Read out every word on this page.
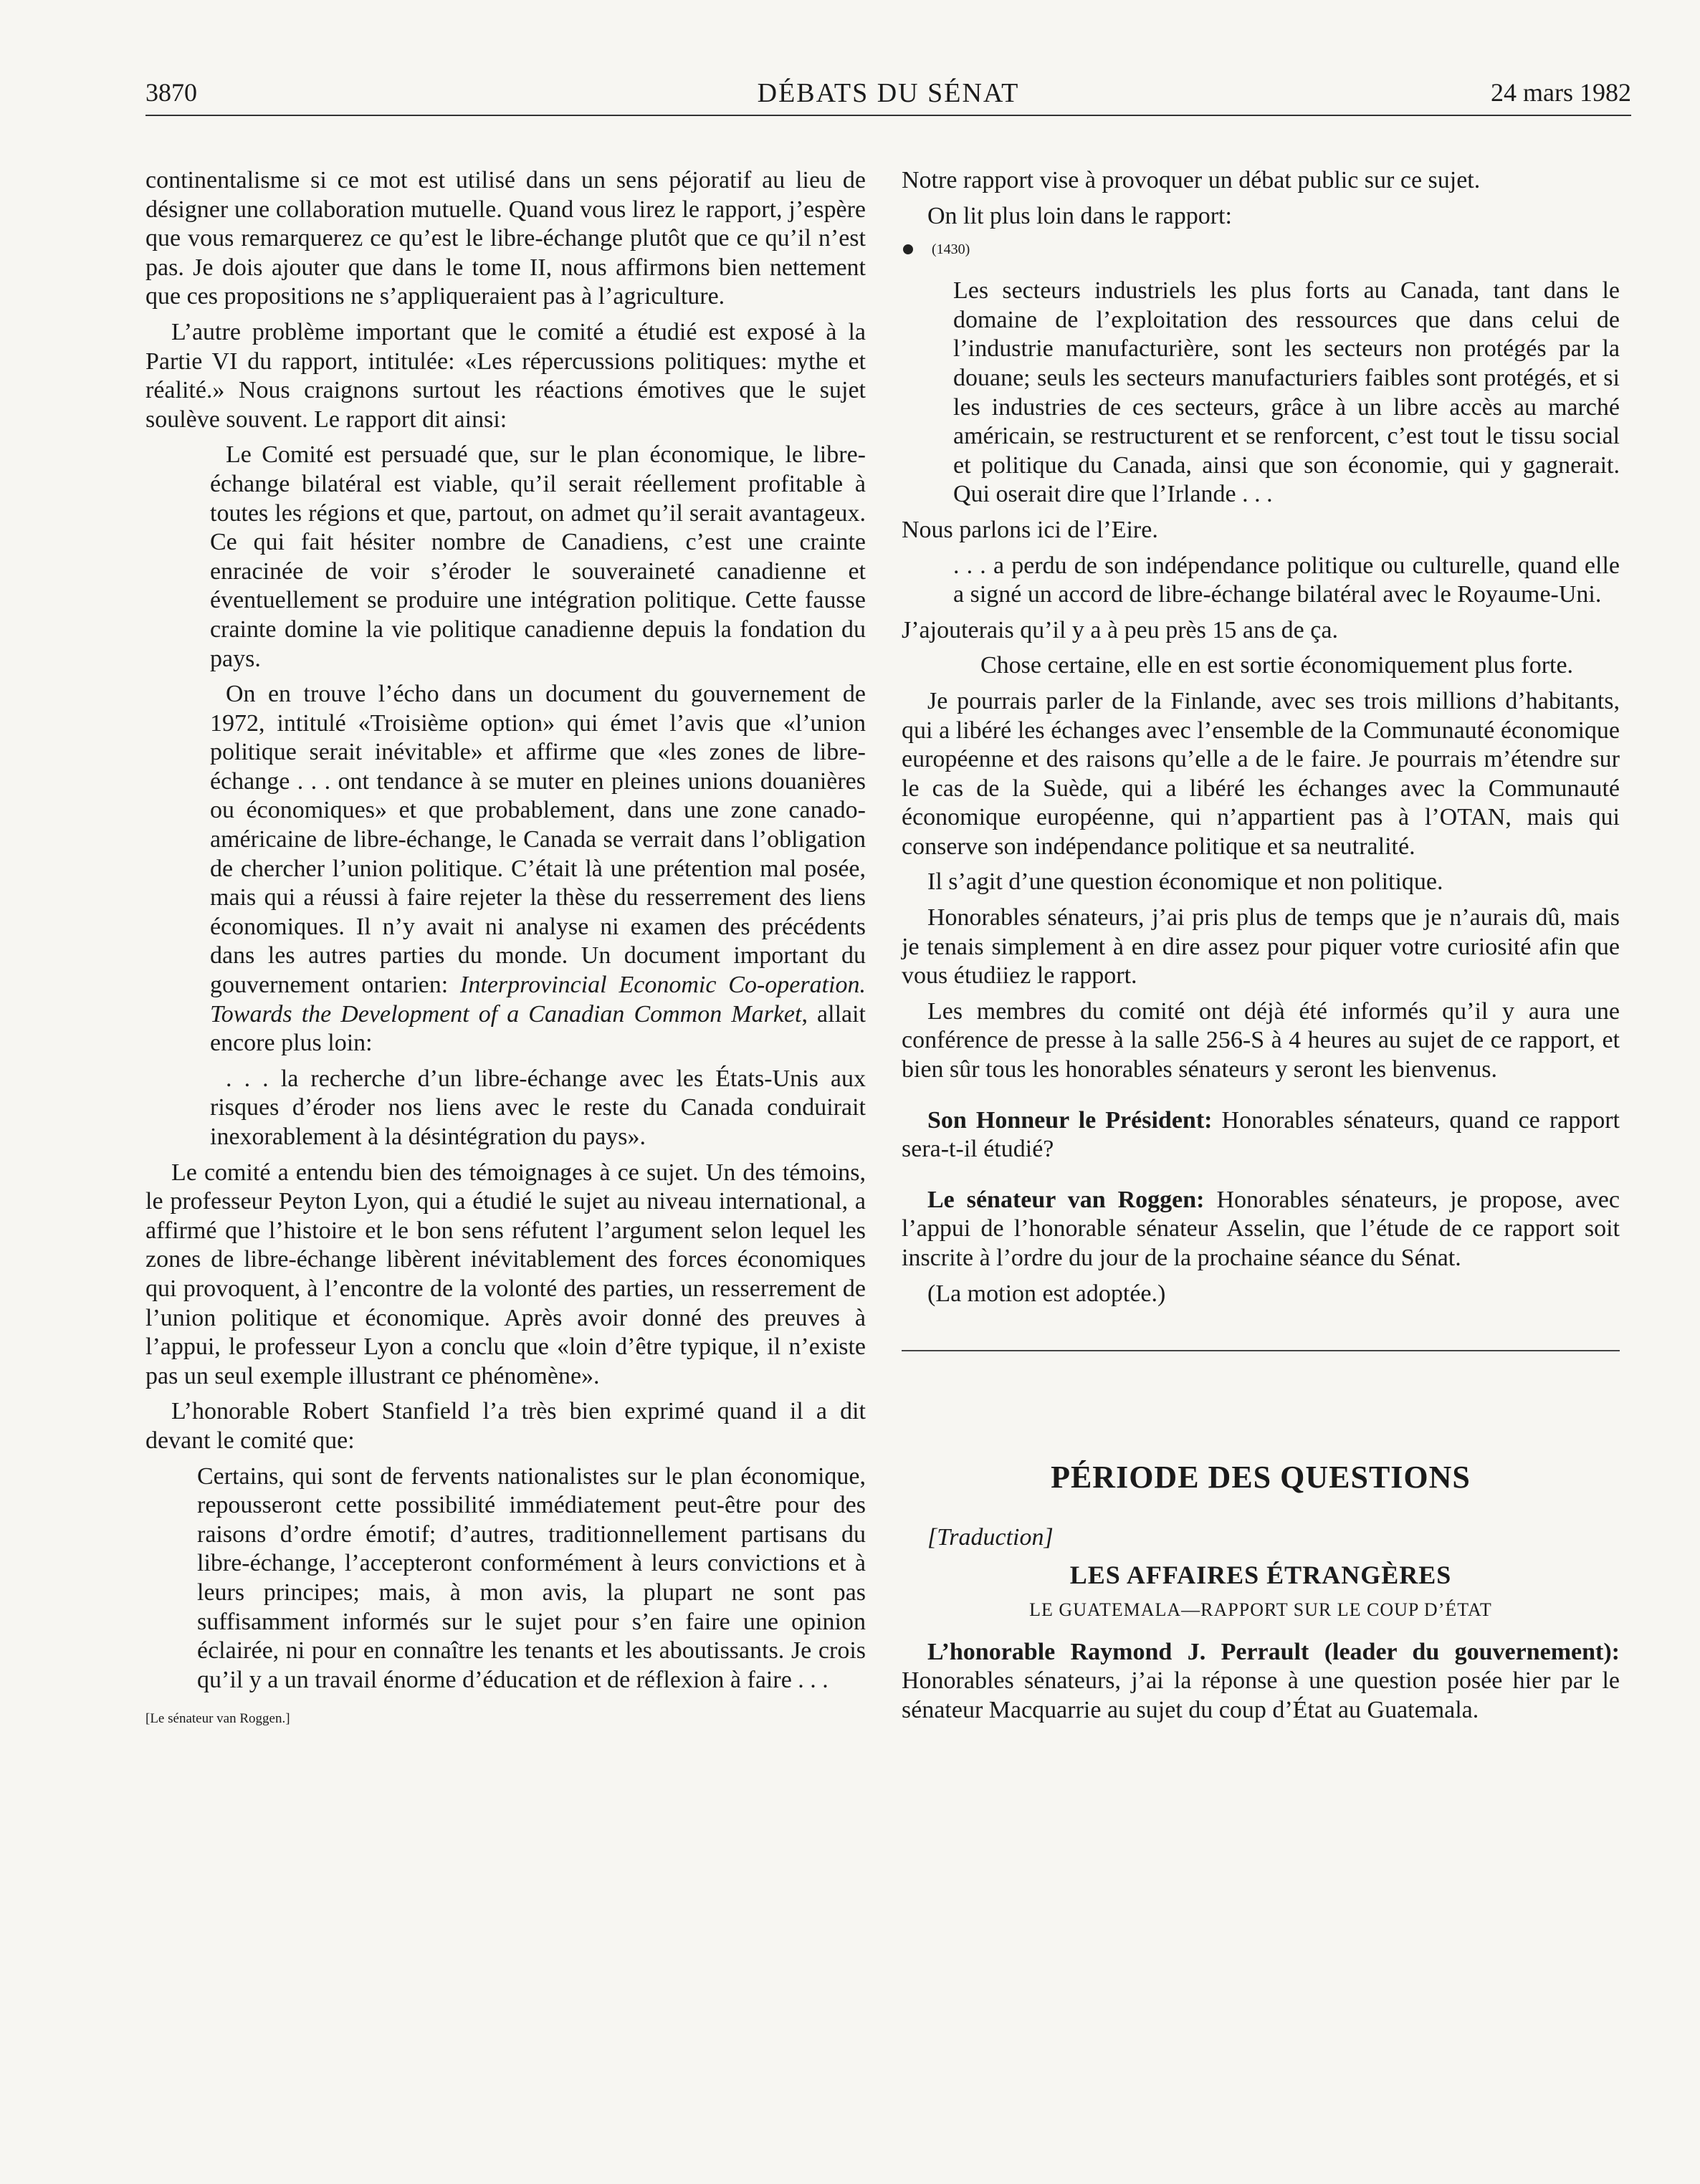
3870	DÉBATS DU SÉNAT	24 mars 1982

continentalisme si ce mot est utilisé dans un sens péjoratif au lieu de désigner une collaboration mutuelle. Quand vous lirez le rapport, j’espère que vous remarquerez ce qu’est le libre-échange plutôt que ce qu’il n’est pas. Je dois ajouter que dans le tome II, nous affirmons bien nettement que ces propositions ne s’appliqueraient pas à l’agriculture.

L’autre problème important que le comité a étudié est exposé à la Partie VI du rapport, intitulée: «Les répercussions politiques: mythe et réalité.» Nous craignons surtout les réactions émotives que le sujet soulève souvent. Le rapport dit ainsi:

Le Comité est persuadé que, sur le plan économique, le libre-échange bilatéral est viable, qu’il serait réellement profitable à toutes les régions et que, partout, on admet qu’il serait avantageux. Ce qui fait hésiter nombre de Canadiens, c’est une crainte enracinée de voir s’éroder le souveraineté canadienne et éventuellement se produire une intégration politique. Cette fausse crainte domine la vie politique canadienne depuis la fondation du pays.

On en trouve l’écho dans un document du gouvernement de 1972, intitulé «Troisième option» qui émet l’avis que «l’union politique serait inévitable» et affirme que «les zones de libre-échange . . . ont tendance à se muter en pleines unions douanières ou économiques» et que probablement, dans une zone canado-américaine de libre-échange, le Canada se verrait dans l’obligation de chercher l’union politique. C’était là une prétention mal posée, mais qui a réussi à faire rejeter la thèse du resserrement des liens économiques. Il n’y avait ni analyse ni examen des précédents dans les autres parties du monde. Un document important du gouvernement ontarien: Interprovincial Economic Co-operation. Towards the Development of a Canadian Common Market, allait encore plus loin:

. . . la recherche d’un libre-échange avec les États-Unis aux risques d’éroder nos liens avec le reste du Canada conduirait inexorablement à la désintégration du pays».

Le comité a entendu bien des témoignages à ce sujet. Un des témoins, le professeur Peyton Lyon, qui a étudié le sujet au niveau international, a affirmé que l’histoire et le bon sens réfutent l’argument selon lequel les zones de libre-échange libèrent inévitablement des forces économiques qui provoquent, à l’encontre de la volonté des parties, un resserrement de l’union politique et économique. Après avoir donné des preuves à l’appui, le professeur Lyon a conclu que «loin d’être typique, il n’existe pas un seul exemple illustrant ce phénomène».

L’honorable Robert Stanfield l’a très bien exprimé quand il a dit devant le comité que:

Certains, qui sont de fervents nationalistes sur le plan économique, repousseront cette possibilité immédiatement peut-être pour des raisons d’ordre émotif; d’autres, traditionnellement partisans du libre-échange, l’accepteront conformément à leurs convictions et à leurs principes; mais, à mon avis, la plupart ne sont pas suffisamment informés sur le sujet pour s’en faire une opinion éclairée, ni pour en connaître les tenants et les aboutissants. Je crois qu’il y a un travail énorme d’éducation et de réflexion à faire . . .

[Le sénateur van Roggen.]

Notre rapport vise à provoquer un débat public sur ce sujet.

On lit plus loin dans le rapport:

(1430)

Les secteurs industriels les plus forts au Canada, tant dans le domaine de l’exploitation des ressources que dans celui de l’industrie manufacturière, sont les secteurs non protégés par la douane; seuls les secteurs manufacturiers faibles sont protégés, et si les industries de ces secteurs, grâce à un libre accès au marché américain, se restructurent et se renforcent, c’est tout le tissu social et politique du Canada, ainsi que son économie, qui y gagnerait. Qui oserait dire que l’Irlande . . .

Nous parlons ici de l’Eire.

. . . a perdu de son indépendance politique ou culturelle, quand elle a signé un accord de libre-échange bilatéral avec le Royaume-Uni.

J’ajouterais qu’il y a à peu près 15 ans de ça.

Chose certaine, elle en est sortie économiquement plus forte.

Je pourrais parler de la Finlande, avec ses trois millions d’habitants, qui a libéré les échanges avec l’ensemble de la Communauté économique européenne et des raisons qu’elle a de le faire. Je pourrais m’étendre sur le cas de la Suède, qui a libéré les échanges avec la Communauté économique européenne, qui n’appartient pas à l’OTAN, mais qui conserve son indépendance politique et sa neutralité.

Il s’agit d’une question économique et non politique.

Honorables sénateurs, j’ai pris plus de temps que je n’aurais dû, mais je tenais simplement à en dire assez pour piquer votre curiosité afin que vous étudiiez le rapport.

Les membres du comité ont déjà été informés qu’il y aura une conférence de presse à la salle 256-S à 4 heures au sujet de ce rapport, et bien sûr tous les honorables sénateurs y seront les bienvenus.

Son Honneur le Président: Honorables sénateurs, quand ce rapport sera-t-il étudié?

Le sénateur van Roggen: Honorables sénateurs, je propose, avec l’appui de l’honorable sénateur Asselin, que l’étude de ce rapport soit inscrite à l’ordre du jour de la prochaine séance du Sénat.

(La motion est adoptée.)

PÉRIODE DES QUESTIONS

[Traduction]

LES AFFAIRES ÉTRANGÈRES
LE GUATEMALA—RAPPORT SUR LE COUP D’ÉTAT

L’honorable Raymond J. Perrault (leader du gouvernement): Honorables sénateurs, j’ai la réponse à une question posée hier par le sénateur Macquarrie au sujet du coup d’État au Guatemala.
